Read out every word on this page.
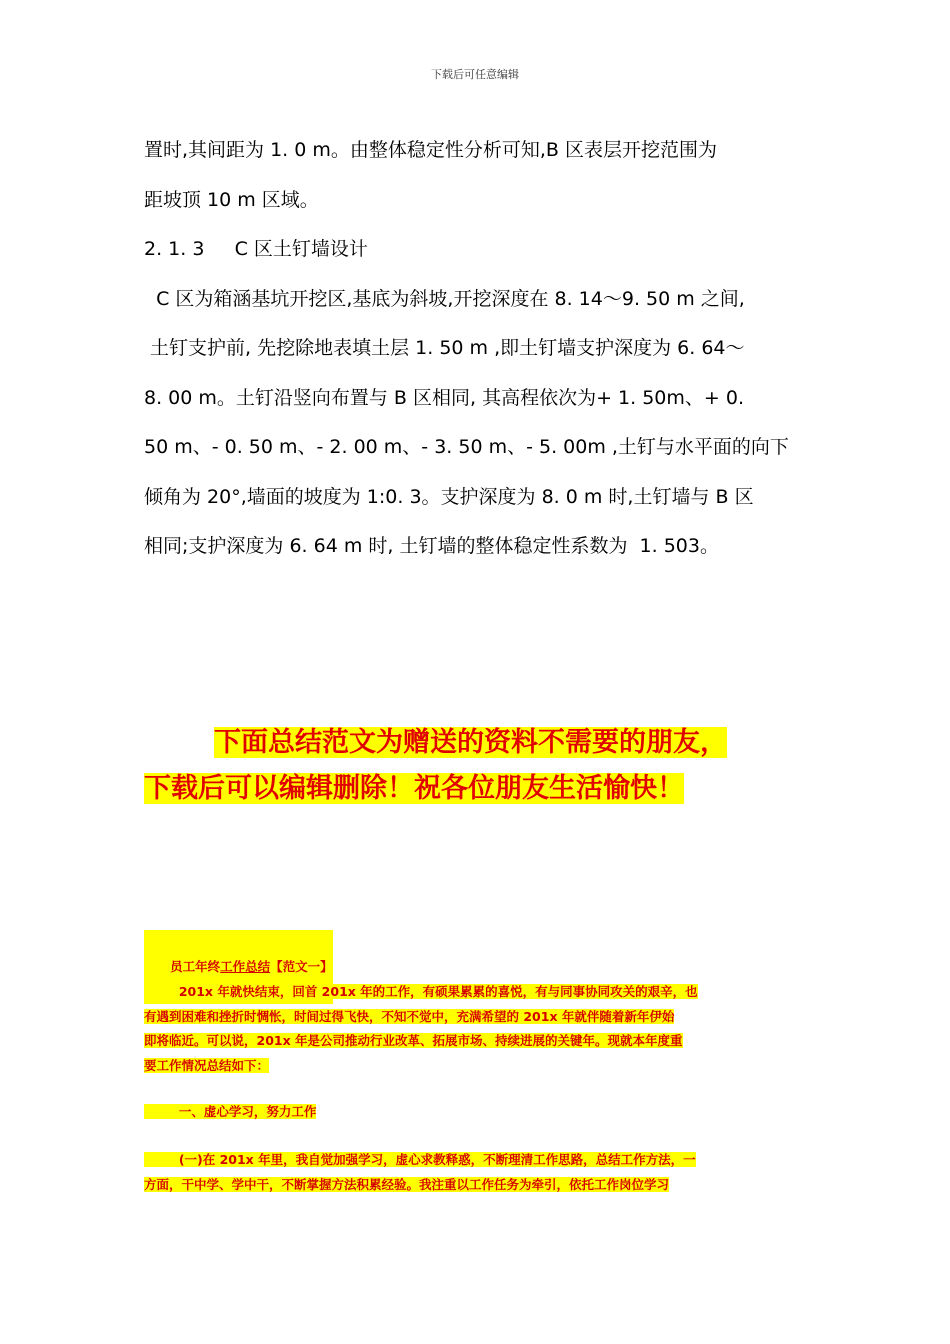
下载后可任意编辑

置时,其间距为 1. 0 m。由整体稳定性分析可知,B 区表层开挖范围为

距坡顶 10 m 区域。

2. 1. 3     C 区土钉墙设计

C 区为箱涵基坑开挖区,基底为斜坡,开挖深度在 8. 14～9. 50 m 之间,

土钉支护前, 先挖除地表填土层 1. 50 m ,即土钉墙支护深度为 6. 64～

8. 00 m。土钉沿竖向布置与 B 区相同, 其高程依次为+ 1. 50m、+ 0.

50 m、- 0. 50 m、- 2. 00 m、- 3. 50 m、- 5. 00m ,土钉与水平面的向下

倾角为 20°,墙面的坡度为 1:0. 3。支护深度为 8. 0 m 时,土钉墙与 B 区

相同;支护深度为 6. 64 m 时, 土钉墙的整体稳定性系数为  1. 503。

下面总结范文为赠送的资料不需要的朋友，

下载后可以编辑删除！祝各位朋友生活愉快！

员工年终工作总结【范文一】

201x 年就快结束，回首 201x 年的工作，有硕果累累的喜悦，有与同事协同攻关的艰辛，也

有遇到困难和挫折时惆怅，时间过得飞快，不知不觉中，充满希望的 201x 年就伴随着新年伊始

即将临近。可以说，201x 年是公司推动行业改革、拓展市场、持续进展的关键年。现就本年度重

要工作情况总结如下：

一、虚心学习，努力工作

(一)在 201x 年里，我自觉加强学习，虚心求教释惑，不断理清工作思路，总结工作方法，一

方面，干中学、学中干，不断掌握方法积累经验。我注重以工作任务为牵引，依托工作岗位学习
